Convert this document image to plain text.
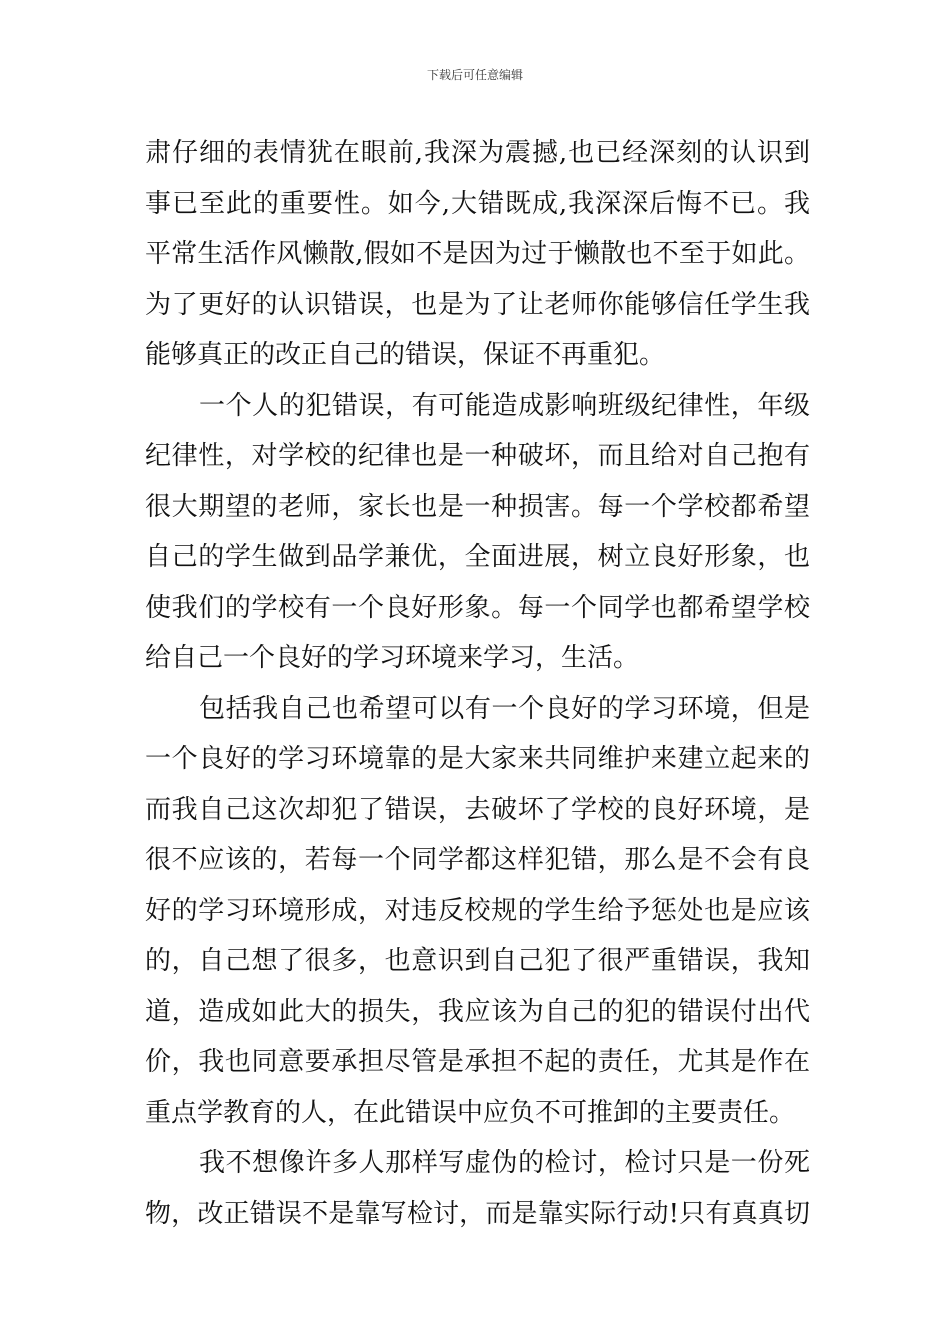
下载后可任意编辑
肃仔细的表情犹在眼前,我深为震撼,也已经深刻的认识到
事已至此的重要性。如今,大错既成,我深深后悔不已。我
平常生活作风懒散,假如不是因为过于懒散也不至于如此。
为了更好的认识错误，也是为了让老师你能够信任学生我
能够真正的改正自己的错误，保证不再重犯。
一个人的犯错误，有可能造成影响班级纪律性，年级
纪律性，对学校的纪律也是一种破坏，而且给对自己抱有
很大期望的老师，家长也是一种损害。每一个学校都希望
自己的学生做到品学兼优，全面进展，树立良好形象，也
使我们的学校有一个良好形象。每一个同学也都希望学校
给自己一个良好的学习环境来学习，生活。
包括我自己也希望可以有一个良好的学习环境，但是
一个良好的学习环境靠的是大家来共同维护来建立起来的
而我自己这次却犯了错误，去破坏了学校的良好环境，是
很不应该的，若每一个同学都这样犯错，那么是不会有良
好的学习环境形成，对违反校规的学生给予惩处也是应该
的，自己想了很多，也意识到自己犯了很严重错误，我知
道，造成如此大的损失，我应该为自己的犯的错误付出代
价，我也同意要承担尽管是承担不起的责任，尤其是作在
重点学教育的人，在此错误中应负不可推卸的主要责任。
我不想像许多人那样写虚伪的检讨，检讨只是一份死
物，改正错误不是靠写检讨，而是靠实际行动!只有真真切
